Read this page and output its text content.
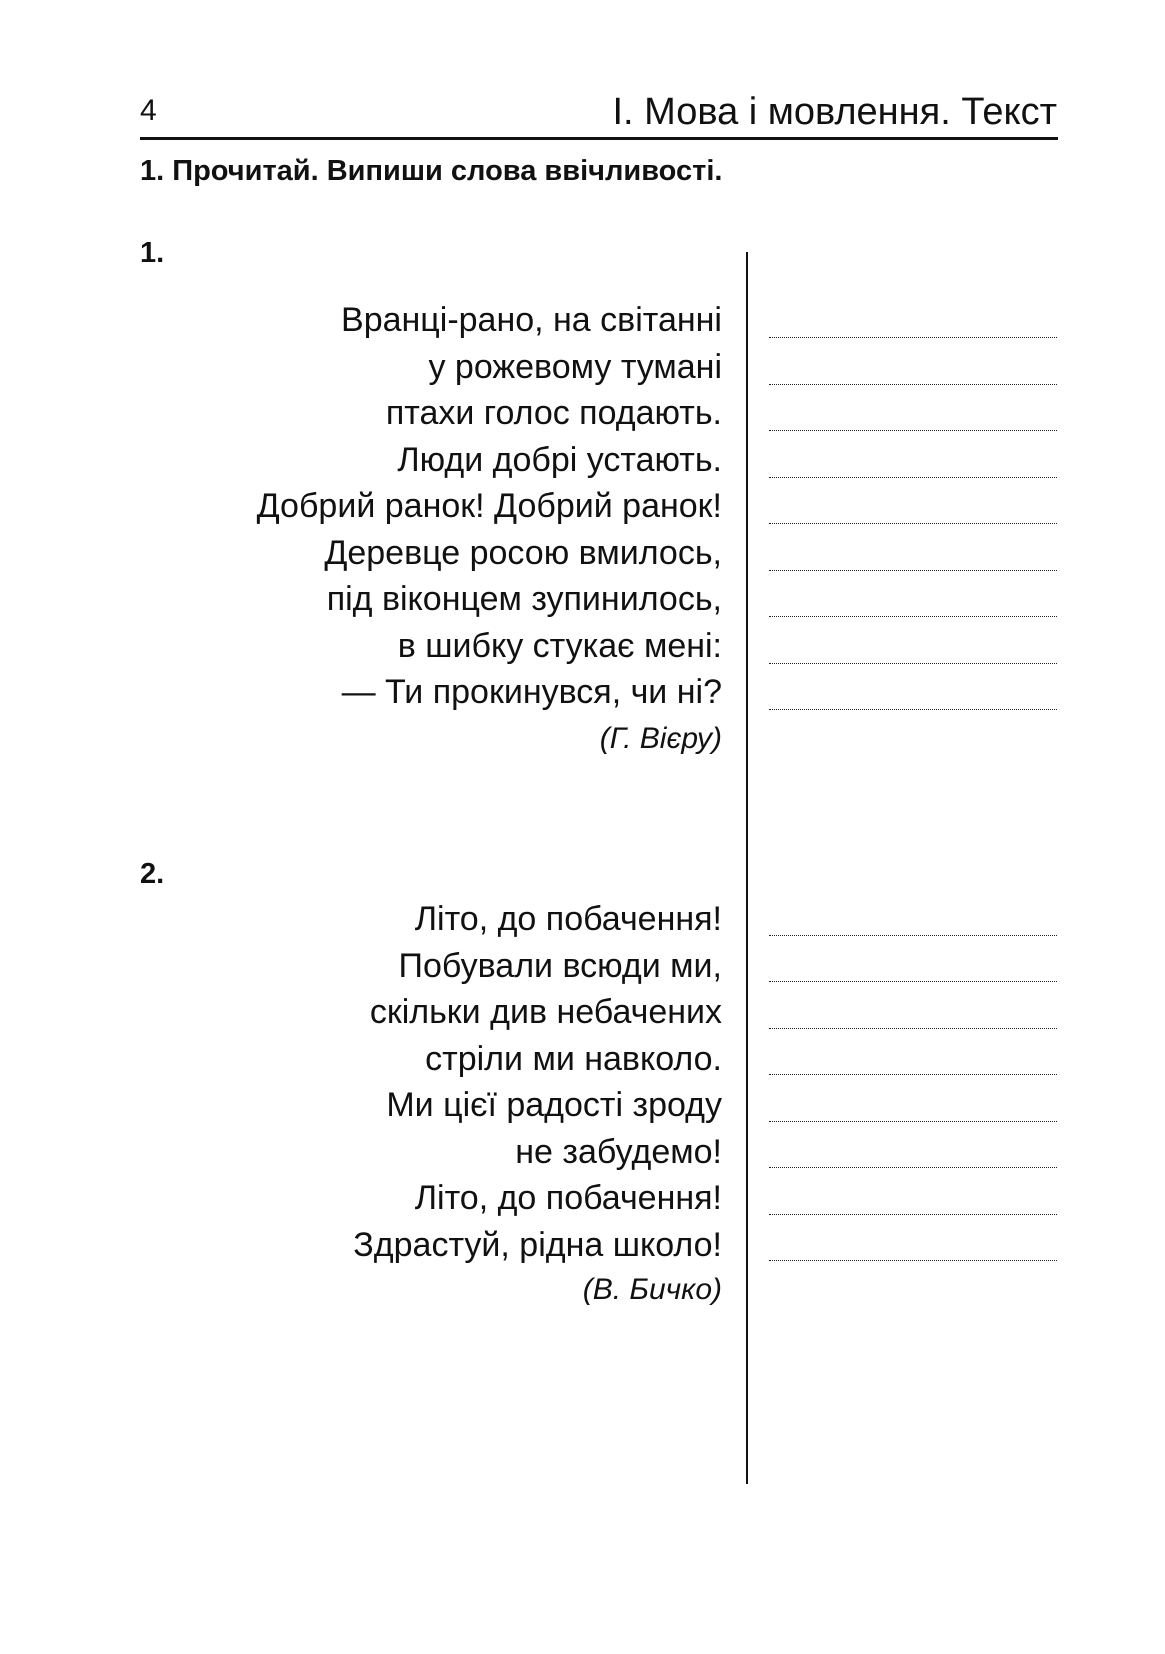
4	І. Мова і мовлення. Текст
1. Прочитай. Випиши слова ввічливості.
1.
Вранці-рано, на світанні
у рожевому тумані
птахи голос подають.
Люди добрі устають.
Добрий ранок! Добрий ранок!
Деревце росою вмилось,
під віконцем зупинилось,
в шибку стукає мені:
— Ти прокинувся, чи ні?
(Г. Вієру)
2.
Літо, до побачення!
Побували всюди ми,
скільки див небачених
стріли ми навколо.
Ми цієї радості зроду
не забудемо!
Літо, до побачення!
Здрастуй, рідна школо!
(В. Бичко)
